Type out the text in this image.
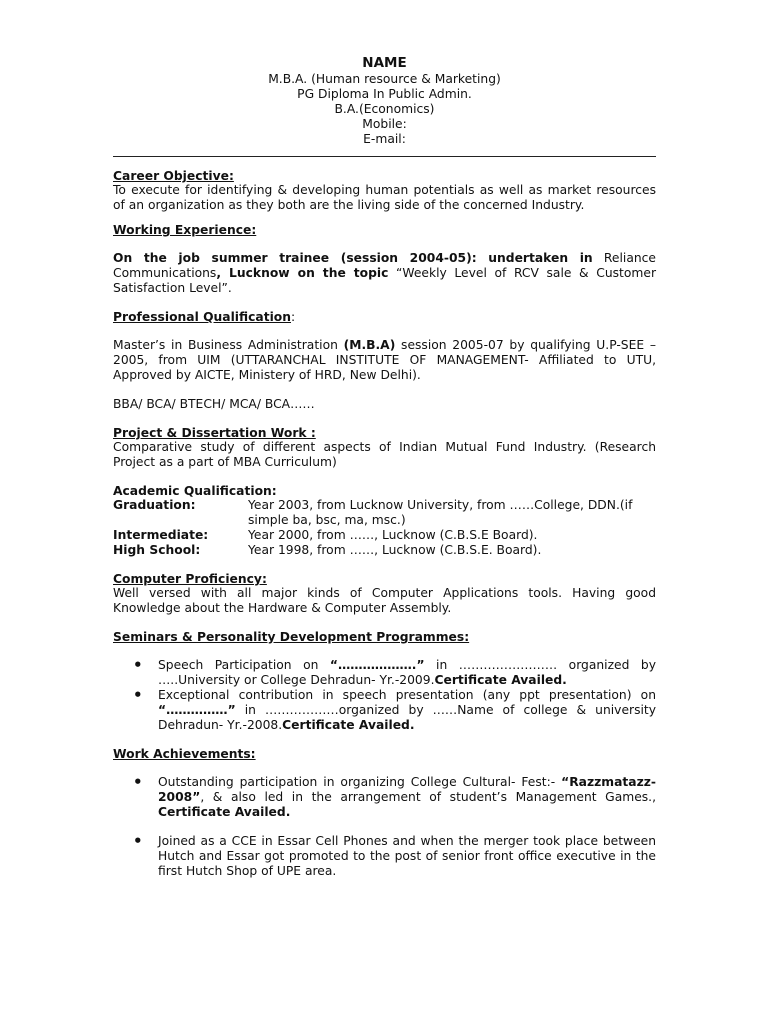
NAME
M.B.A. (Human resource & Marketing)
PG Diploma In Public Admin.
B.A.(Economics)
Mobile:
E-mail:
Career Objective:

To execute for identifying & developing human potentials as well as market resources of an organization as they both are the living side of the concerned Industry.

Working Experience:

On the job summer trainee (session 2004-05): undertaken in Reliance Communications, Lucknow on the topic “Weekly Level of RCV sale & Customer Satisfaction Level”.

Professional Qualification:

Master’s in Business Administration (M.B.A) session 2005-07 by qualifying U.P-SEE – 2005, from UIM (UTTARANCHAL INSTITUTE OF MANAGEMENT- Affiliated to UTU, Approved by AICTE, Ministery of HRD, New Delhi).

BBA/ BCA/ BTECH/ MCA/ BCA……

Project & Dissertation Work :

Comparative study of different aspects of Indian Mutual Fund Industry. (Research Project as a part of MBA Curriculum)

Academic Qualification:
Graduation:	Year 2003, from Lucknow University, from ……College, DDN.(if simple ba, bsc, ma, msc.)
Intermediate:	Year 2000, from ……, Lucknow (C.B.S.E Board).
High School:	Year 1998, from ……, Lucknow (C.B.S.E. Board).
Computer Proficiency:

Well versed with all major kinds of Computer Applications tools. Having good Knowledge about the Hardware & Computer Assembly.

Seminars & Personality Development Programmes:
• Speech Participation on “……………….” in …………………… organized by …..University or College Dehradun- Yr.-2009.Certificate Availed.
• Exceptional contribution in speech presentation (any ppt presentation) on “……………” in ………………organized by ……Name of college & university Dehradun- Yr.-2008.Certificate Availed.
Work Achievements:
• Outstanding participation in organizing College Cultural- Fest:- “Razzmatazz-2008”, & also led in the arrangement of student’s Management Games., Certificate Availed.
• Joined as a CCE in Essar Cell Phones and when the merger took place between Hutch and Essar got promoted to the post of senior front office executive in the first Hutch Shop of UPE area.
